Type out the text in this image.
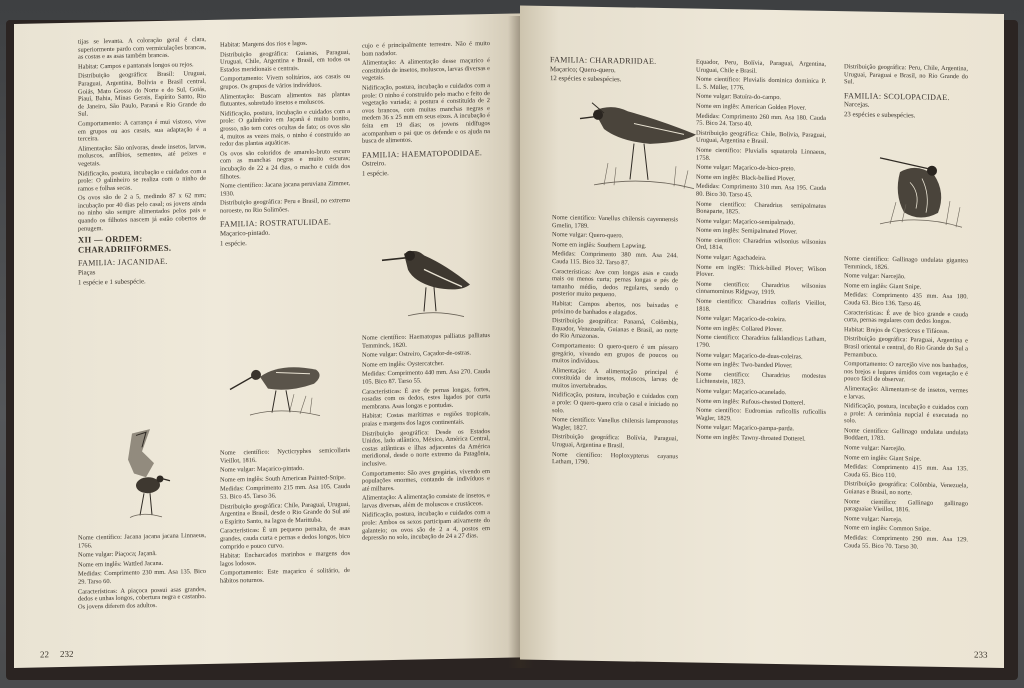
tijas se levanta. A coloração geral é clara, superiormente pardo com vermiculações brancas, as costas e as asas também brancas.

Habitat: Campos e pantanais longos ou rejos.

Distribuição geográfica: Brasil: Uruguai, Paraguai, Argentina, Bolívia e Brasil central, Goiás, Mato Grosso do Norte e do Sul, Goiás, Piauí, Bahia, Minas Gerais, Espírito Santo, Rio de Janeiro, São Paulo, Paraná e Rio Grande do Sul.

Comportamento: A carrança é mui vistoso, vive em grupos ou aos casais, sua adaptação é a terceira.

Alimentação: São onívoras, desde insetos, larvas, moluscos, anfíbios, sementes, até peixes e vegetais.

Nidificação, postura, incubação e cuidados com a prole: O galinheiro se realiza com o ninho de ramos e folhas secas.

Os ovos são de 2 a 5, medindo 87 x 62 mm; incubação por 40 dias pelo casal; os jovens ainda no ninho são sempre alimentados pelos pais e quando os filhotes nascem já estão cobertos de penugem.

XII — ORDEM:
CHARADRIIFORMES.
FAMILIA: JACANIDAE.
Piaças
1 espécie e 1 subespécie.

Nome científico: Jacana jacana jacana Linnaeus, 1766.

Nome vulgar: Piaçoca; Jaçanã.

Nome em inglês: Wattled Jacana.

Medidas: Comprimento 230 mm. Asa 135. Bico 29. Tarso 60.

Características: A piaçoca possui asas grandes, dedos e unhas longos, cobertura negra e castanho. Os jovens diferem dos adultos.

Habitat: Margens dos rios e lagos.

Distribuição geográfica: Guianas, Paraguai, Uruguai, Chile, Argentina e Brasil, em todos os Estados meridionais e centrais.

Comportamento: Vivem solitários, aos casais ou grupos. Os grupos de vários indivíduos.

Alimentação: Buscam alimentos nas plantas flutuantes, sobretudo insetos e moluscos.

Nidificação, postura, incubação e cuidados com a prole: O galinheiro em Jaçanã é muito bonito, grosso, não tem cores ocultas de fato; os ovos são 4, muitos as vezes mais, o ninho é construído ao redor das plantas aquáticas.

Os ovos são coloridos de amarelo-bruto escuro com as manchas negras e muito escuras; incubação de 22 a 24 dias, o macho e cuida dos filhotes.

Nome científico: Jacana jacana peruviana Zimmer, 1930.

Distribuição geográfica: Peru e Brasil, no extremo noroeste, no Rio Solimões.

FAMILIA: ROSTRATULIDAE.
Maçarico-pintado.
1 espécie.

Nome científico: Nycticryphes semicollaris Vieillot, 1816.

Nome vulgar: Maçarico-pintado.

Nome em inglês: South American Painted-Snipe.

Medidas: Comprimento 215 mm. Asa 105. Cauda 53. Bico 45. Tarso 36.

Distribuição geográfica: Chile, Paraguai, Uruguai, Argentina e Brasil, desde o Rio Grande do Sul até o Espírito Santo, na lagoa de Marittuba.

Características: É um pequeno pernalta, de asas grandes, cauda curta e pernas e dedos longos, bico comprido e pouco curvo.

Habitat: Encharcados marinhos e margens dos lagos lodosos.

Comportamento: Este maçarico é solitário, de hábitos noturnos.

cujo e é principalmente terrestre. Não é muito bom nadador.

Alimentação: A alimentação desse maçarico é constituída de insetos, moluscos, larvas diversas e vegetais.

Nidificação, postura, incubação e cuidados com a prole: O ninho é construído pelo macho e feito de vegetação variada; a postura é constituída de 2 ovos brancos, com muitas manchas negras e medem 36 x 25 mm em seus eixos. A incubação é feita em 19 dias; os jovens nidífugos acompanham o pai que os defende e os ajuda na busca de alimentos.

FAMILIA: HAEMATOPODIDAE.
Ostreiro.
1 espécie.

Nome científico: Haematopus palliatus palliatus Temminck, 1820.

Nome vulgar: Ostreiro, Caçador-de-ostras.

Nome em inglês: Oystercatcher.

Medidas: Comprimento 440 mm. Asa 270. Cauda 105. Bico 87. Tarso 55.

Características: É ave de pernas longas, fortes, rosadas com os dedos, estes ligados por curta membrana. Asas longas e pontudas.

Habitat: Costas marítimas e regiões tropicais, praias e margens dos lagos continentais.

Distribuição geográfica: Desde os Estados Unidos, lado atlântico, México, América Central, costas atlânticas e ilhas adjacentes da América meridional, desde o norte extremo da Patagônia, inclusive.

Comportamento: São aves gregárias, vivendo em populações enormes, contando de indivíduos e até milhares.

Alimentação: A alimentação consiste de insetos, e larvas diversas, além de moluscos e crustáceos.

Nidificação, postura, incubação e cuidados com a prole: Ambos os sexos participam ativamente do galanteio; os ovos são de 2 a 4, postos em depressão no solo, incubação de 24 a 27 dias.

22 232
FAMILIA: CHARADRIIDAE.
Maçarico; Quero-quero.
12 espécies e subespécies.

Nome científico: Vanellus chilensis cayennensis Gmelin, 1789.

Nome vulgar: Quero-quero.

Nome em inglês: Southern Lapwing.

Medidas: Comprimento 380 mm. Asa 244. Cauda 115. Bico 32. Tarso 87.

Características: Ave com longas asas e cauda mais ou menos curta; pernas longas e pés de tamanho médio, dedos regulares, sendo o posterior muito pequeno.

Habitat: Campos abertos, nos baixadas e próximo de banhados e alagados.

Distribuição geográfica: Panamá, Colômbia, Equador, Venezuela, Guianas e Brasil, ao norte do Rio Amazonas.

Comportamento: O quero-quero é um pássaro gregário, vivendo em grupos de poucos ou muitos indivíduos.

Alimentação: A alimentação principal é constituída de insetos, moluscos, larvas de muitos invertebrados.

Nidificação, postura, incubação e cuidados com a prole: O quero-quero cria o casal e iniciado no solo.

Nome científico: Vanellus chilensis lampronotus Wagler, 1827.

Distribuição geográfica: Bolívia, Paraguai, Uruguai, Argentina e Brasil.

Nome científico: Hoploxypterus cayanus Latham, 1790.

Equador, Peru, Bolívia, Paraguai, Argentina, Uruguai, Chile e Brasil.

Nome científico: Pluvialis dominica dominica P. L. S. Müller, 1776.

Nome vulgar: Batuíra-do-campo.

Nome em inglês: American Golden Plover.

Medidas: Comprimento 260 mm. Asa 180. Cauda 75. Bico 24. Tarso 40.

Distribuição geográfica: Chile, Bolívia, Paraguai, Uruguai, Argentina e Brasil.

Nome científico: Pluvialis squatarola Linnaeus, 1758.

Nome vulgar: Maçarico-de-bico-preto.

Nome em inglês: Black-bellied Plover.

Medidas: Comprimento 310 mm. Asa 195. Cauda 80. Bico 30. Tarso 45.

Nome científico: Charadrius semipalmatus Bonaparte, 1825.

Nome vulgar: Maçarico-semipalmado.

Nome em inglês: Semipalmated Plover.

Nome científico: Charadrius wilsonius wilsonius Ord, 1814.

Nome vulgar: Agachadeira.

Nome em inglês: Thick-billed Plover; Wilson Plover.

Nome científico: Charadrius wilsonius cinnamominus Ridgway, 1919.

Nome científico: Charadrius collaris Vieillot, 1818.

Nome vulgar: Maçarico-de-coleira.

Nome em inglês: Collared Plover.

Nome científico: Charadrius falklandicus Latham, 1790.

Nome vulgar: Maçarico-de-duas-coleiras.

Nome em inglês: Two-banded Plover.

Nome científico: Charadrius modestus Lichtenstein, 1823.

Nome vulgar: Maçarico-acanelado.

Nome em inglês: Rufous-chested Dotterel.

Nome científico: Eudromias ruficollis ruficollis Wagler, 1829.

Nome vulgar: Maçarico-pampa-parda.

Nome em inglês: Tawny-throated Dotterel.

Distribuição geográfica: Peru, Chile, Argentina, Uruguai, Paraguai e Brasil, no Rio Grande do Sul.

FAMILIA: SCOLOPACIDAE.
Narcejas.
23 espécies e subespécies.

Nome científico: Gallinago undulata gigantea Temminck, 1826.

Nome vulgar: Narcejão.

Nome em inglês: Giant Snipe.

Medidas: Comprimento 435 mm. Asa 180. Cauda 63. Bico 136. Tarso 46.

Características: É ave de bico grande e cauda curta, pernas regulares com dedos longos.

Habitat: Brejos de Ciperáceas e Tifáceas.

Distribuição geográfica: Paraguai, Argentina e Brasil oriental e central, do Rio Grande do Sul a Pernambuco.

Comportamento: O narcejão vive nos banhados, nos brejos e lugares úmidos com vegetação e é pouco fácil de observar.

Alimentação: Alimentam-se de insetos, vermes e larvas.

Nidificação, postura, incubação e cuidados com a prole: A cerimônia nupcial é executada no solo.

Nome científico: Gallinago undulata undulata Boddaert, 1783.

Nome vulgar: Narcejão.

Nome em inglês: Giant Snipe.

Medidas: Comprimento 415 mm. Asa 135. Cauda 65. Bico 110.

Distribuição geográfica: Colômbia, Venezuela, Guianas e Brasil, no norte.

Nome científico: Gallinago gallinago paraguaiae Vieillot, 1816.

Nome vulgar: Narceja.

Nome em inglês: Common Snipe.

Medidas: Comprimento 290 mm. Asa 129. Cauda 55. Bico 70. Tarso 30.

233
